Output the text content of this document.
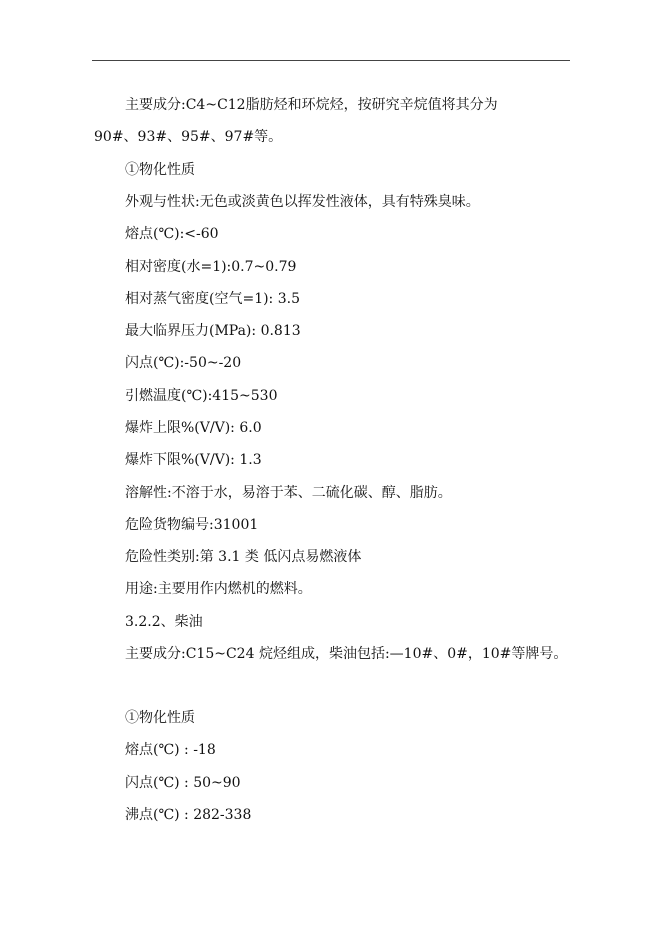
主要成分:C4~C12脂肪烃和环烷烃，按研究辛烷值将其分为
90#、93#、95#、97#等。
①物化性质
外观与性状:无色或淡黄色以挥发性液体，具有特殊臭味。
熔点(℃):<-60
相对密度(水=1):0.7~0.79
相对蒸气密度(空气=1): 3.5
最大临界压力(MPa): 0.813
闪点(℃):-50~-20
引燃温度(℃):415~530
爆炸上限%(V/V): 6.0
爆炸下限%(V/V): 1.3
溶解性:不溶于水，易溶于苯、二硫化碳、醇、脂肪。
危险货物编号:31001
危险性类别:第 3.1 类 低闪点易燃液体
用途:主要用作内燃机的燃料。
3.2.2、柴油
主要成分:C15~C24 烷烃组成，柴油包括:—10#、0#，10#等牌号。
①物化性质
熔点(℃) : -18
闪点(℃) : 50~90
沸点(℃) : 282-338
